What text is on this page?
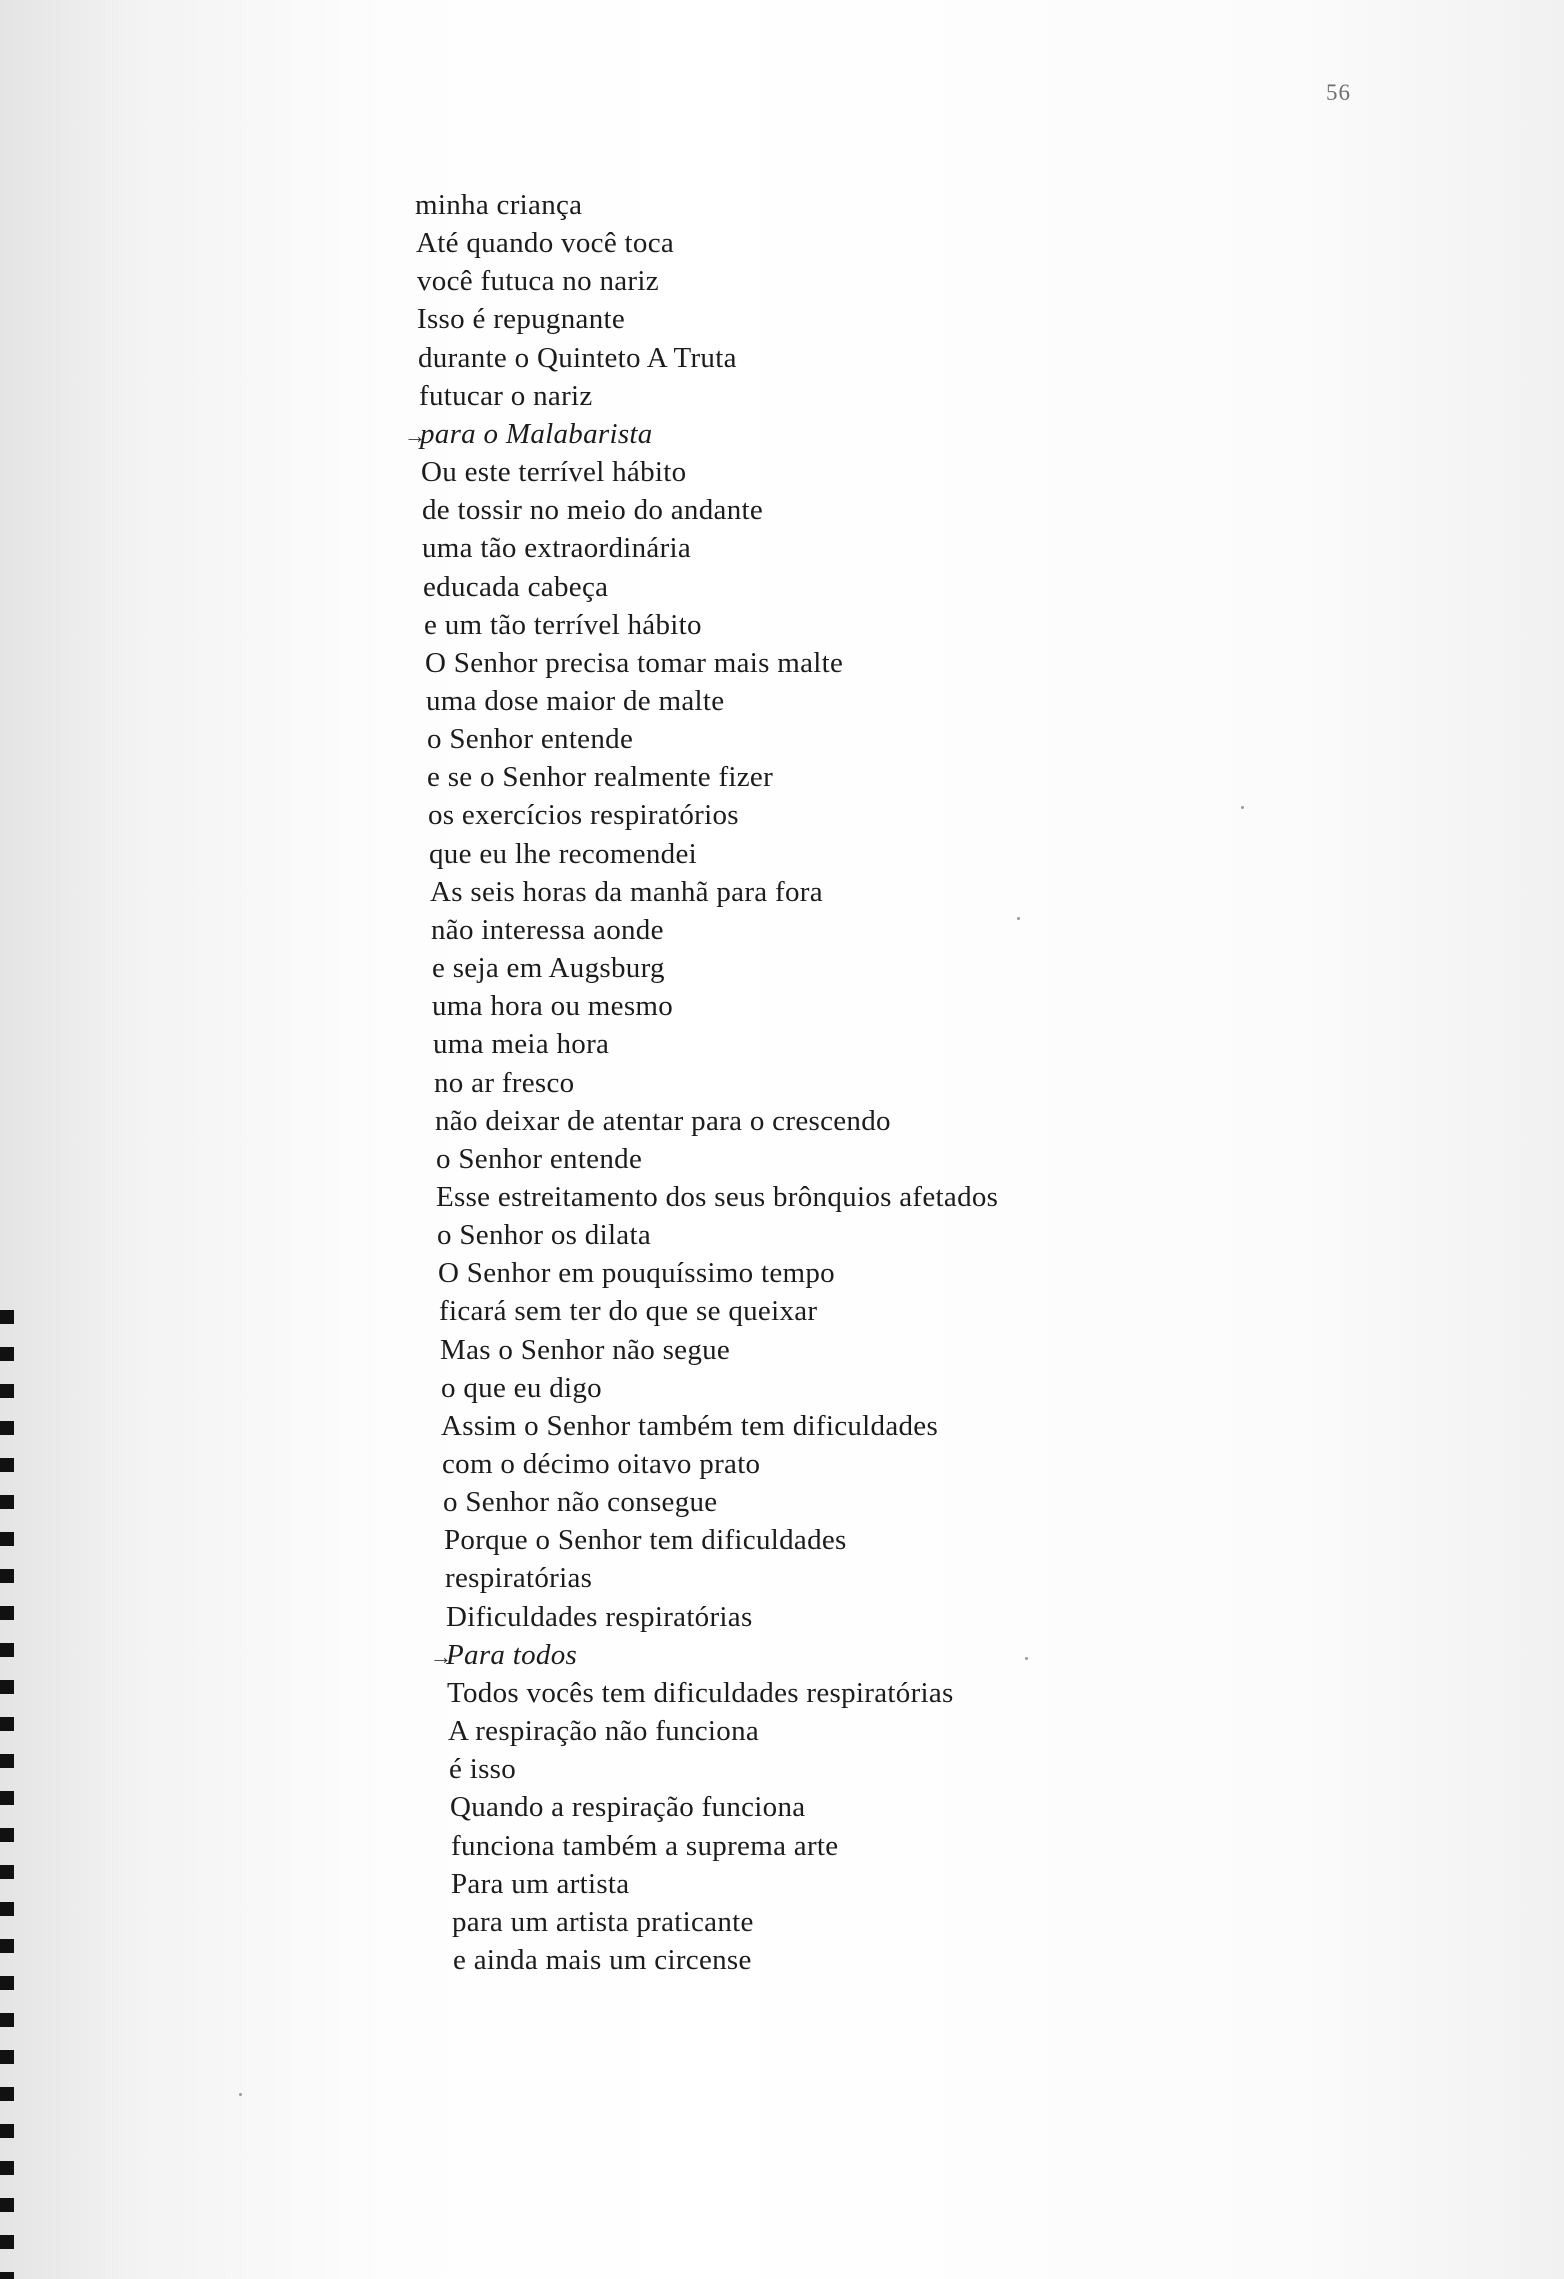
56
minha criança
Até quando você toca
você futuca no nariz
Isso é repugnante
durante o Quinteto A Truta
futucar o nariz
→para o Malabarista
Ou este terrível hábito
de tossir no meio do andante
uma tão extraordinária
educada cabeça
e um tão terrível hábito
O Senhor precisa tomar mais malte
uma dose maior de malte
o Senhor entende
e se o Senhor realmente fizer
os exercícios respiratórios
que eu lhe recomendei
As seis horas da manhã para fora
não interessa aonde
e seja em Augsburg
uma hora ou mesmo
uma meia hora
no ar fresco
não deixar de atentar para o crescendo
o Senhor entende
Esse estreitamento dos seus brônquios afetados
o Senhor os dilata
O Senhor em pouquíssimo tempo
ficará sem ter do que se queixar
Mas o Senhor não segue
o que eu digo
Assim o Senhor também tem dificuldades
com o décimo oitavo prato
o Senhor não consegue
Porque o Senhor tem dificuldades
respiratórias
Dificuldades respiratórias
→Para todos
Todos vocês tem dificuldades respiratórias
A respiração não funciona
é isso
Quando a respiração funciona
funciona também a suprema arte
Para um artista
para um artista praticante
e ainda mais um circense
